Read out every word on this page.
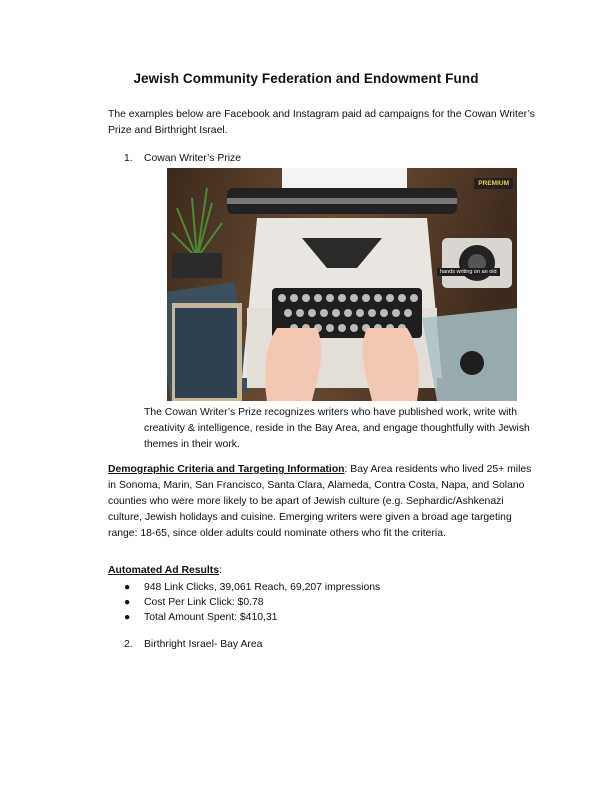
Jewish Community Federation and Endowment Fund
The examples below are Facebook and Instagram paid ad campaigns for the Cowan Writer’s Prize and Birthright Israel.
1. Cowan Writer’s Prize
PREMIUM
hands writing on an old
The Cowan Writer’s Prize recognizes writers who have published work, write with creativity & intelligence, reside in the Bay Area, and engage thoughtfully with Jewish themes in their work.
Demographic Criteria and Targeting Information: Bay Area residents who lived 25+ miles in Sonoma, Marin, San Francisco, Santa Clara, Alameda, Contra Costa, Napa, and Solano counties who were more likely to be apart of Jewish culture (e.g. Sephardic/Ashkenazi culture, Jewish holidays and cuisine. Emerging writers were given a broad age targeting range: 18-65, since older adults could nominate others who fit the criteria.
Automated Ad Results:
●	948 Link Clicks, 39,061 Reach, 69,207 impressions
●	Cost Per Link Click: $0.78
●	Total Amount Spent: $410,31
2. Birthright Israel- Bay Area
